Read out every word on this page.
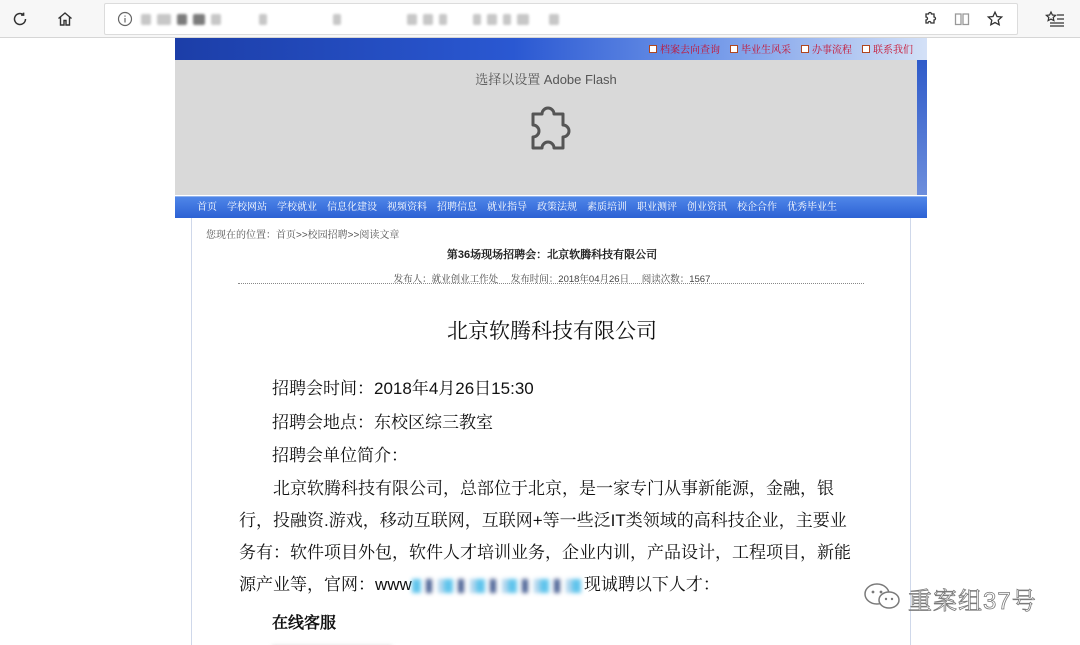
档案去向查询 毕业生风采 办事流程 联系我们
选择以设置 Adobe Flash
首页 学校网站 学校就业 信息化建设 视频资料 招聘信息 就业指导 政策法规 素质培训 职业测评 创业资讯 校企合作 优秀毕业生
您现在的位置：首页>>校园招聘>>阅读文章
第36场现场招聘会：北京软腾科技有限公司
发布人：就业创业工作处 发布时间：2018年04月26日 阅读次数：1567
北京软腾科技有限公司
招聘会时间：2018年4月26日15:30
招聘会地点：东校区综三教室
招聘会单位简介：
北京软腾科技有限公司，总部位于北京，是一家专门从事新能源，金融，银行，投融资.游戏，移动互联网，互联网+等一些泛IT类领域的高科技企业，主要业务有：软件项目外包，软件人才培训业务，企业内训，产品设计，工程项目，新能源产业等，官网：www	现诚聘以下人才：
在线客服
重案组37号
